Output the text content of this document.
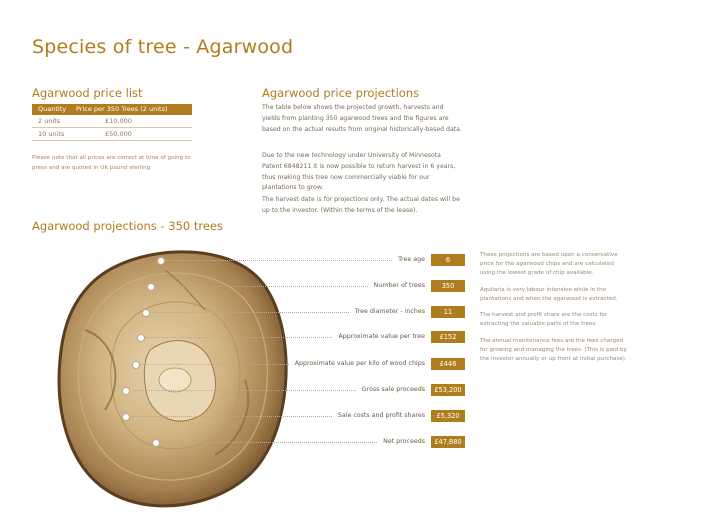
Species of tree - Agarwood
Agarwood price list
Quantity Price per 350 Trees (2 units)
2 units	£10,000
10 units	£50,000
Please note that all prices are correct at time of going to press and are quoted in UK pound sterling
Agarwood price projections
The table below shows the projected growth, harvests and yields from planting 350 agarwood trees and the figures are based on the actual results from original historically-based data.
Due to the new technology under University of Minnesota Patent 6848211 it is now possible to return harvest in 6 years, thus making this tree now commercially viable for our plantations to grow.
The harvest date is for projections only. The actual dates will be up to the investor. (Within the terms of the lease).
Agarwood projections - 350 trees
Tree age	6
Number of trees	350
Tree diameter - inches	11
Approximate value per tree	£152
Approximate value per kilo of wood chips	£446
Gross sale proceeds	£53,200
Sale costs and profit shares	£5,320
Net proceeds	£47,880
These projections are based upon a conservative price for the agarwood chips and are calculated using the lowest grade of chip available.
Aquilaria is very labour intensive while in the plantations and when the agarwood is extracted.
The harvest and profit share are the costs for extracting the valuable parts of the trees.
The annual maintenance fees are the fees charged for growing and managing the trees. (This is paid by the investor annually or up front at initial purchase).
